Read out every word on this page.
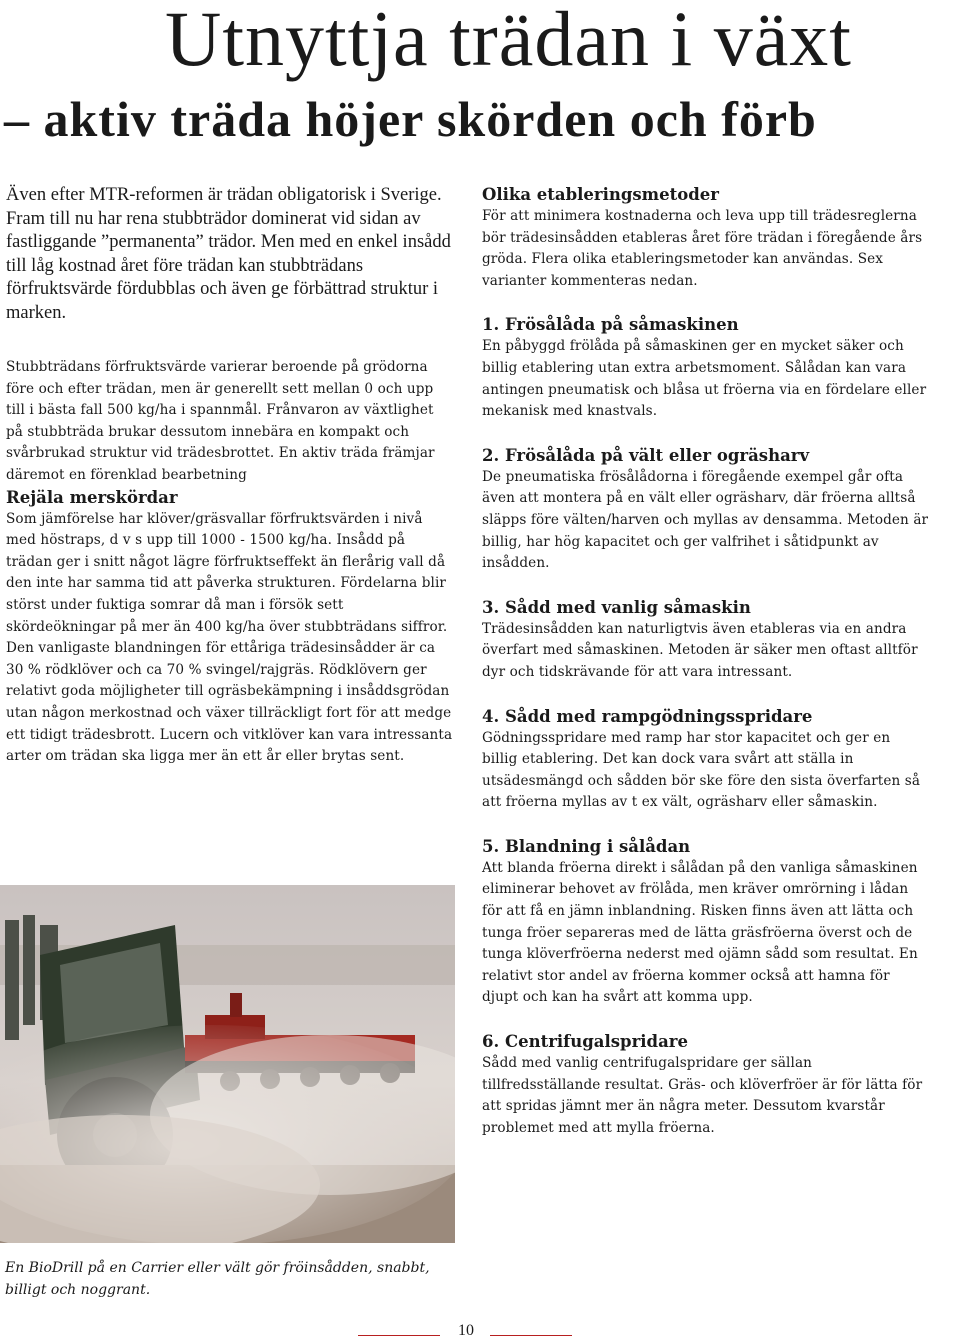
Utnyttja trädan i växt
– aktiv träda höjer skörden och förb

Även efter MTR-reformen är trädan obligatorisk i Sverige. Fram till nu har rena stubbträdor dominerat vid sidan av fastliggande ”permanenta” trädor. Men med en enkel insådd till låg kostnad året före trädan kan stubbträdans förfruktsvärde fördubblas och även ge förbättrad struktur i marken.

Stubbträdans förfruktsvärde varierar beroende på grödorna före och efter trädan, men är generellt sett mellan 0 och upp till i bästa fall 500 kg/ha i spannmål. Frånvaron av växtlighet på stubbträda brukar dessutom innebära en kompakt och svårbrukad struktur vid trädesbrottet. En aktiv träda främjar däremot en förenklad bearbetning

Rejäla merskördar

Som jämförelse har klöver/gräsvallar förfruktsvärden i nivå med höstraps, d v s upp till 1000 - 1500 kg/ha. Insådd på trädan ger i snitt något lägre förfruktseffekt än flerårig vall då den inte har samma tid att påverka strukturen. Fördelarna blir störst under fuktiga somrar då man i försök sett skördeökningar på mer än 400 kg/ha över stubbträdans siffror. Den vanligaste blandningen för ettåriga trädesinsådder är ca 30 % rödklöver och ca 70 % svingel/rajgräs. Rödklövern ger relativt goda möjligheter till ogräsbekämpning i insåddsgrödan utan någon merkostnad och växer tillräckligt fort för att medge ett tidigt trädesbrott. Lucern och vitklöver kan vara intressanta arter om trädan ska ligga mer än ett år eller brytas sent.

Olika etableringsmetoder

För att minimera kostnaderna och leva upp till trädesreglerna bör trädesinsådden etableras året före trädan i föregående års gröda. Flera olika etableringsmetoder kan användas. Sex varianter kommenteras nedan.

1. Frösålåda på såmaskinen

En påbyggd frölåda på såmaskinen ger en mycket säker och billig etablering utan extra arbetsmoment. Sålådan kan vara antingen pneumatisk och blåsa ut fröerna via en fördelare eller mekanisk med knastvals.

2. Frösålåda på vält eller ogräsharv

De pneumatiska frösålådorna i föregående exempel går ofta även att montera på en vält eller ogräsharv, där fröerna alltså släpps före välten/harven och myllas av densamma. Metoden är billig, har hög kapacitet och ger valfrihet i såtidpunkt av insådden.

3. Sådd med vanlig såmaskin

Trädesinsådden kan naturligtvis även etableras via en andra överfart med såmaskinen. Metoden är säker men oftast alltför dyr och tidskrävande för att vara intressant.

4. Sådd med rampgödningsspridare

Gödningsspridare med ramp har stor kapacitet och ger en billig etablering. Det kan dock vara svårt att ställa in utsädesmängd och sådden bör ske före den sista överfarten så att fröerna myllas av t ex vält, ogräsharv eller såmaskin.

5. Blandning i sålådan

Att blanda fröerna direkt i sålådan på den vanliga såmaskinen eliminerar behovet av frölåda, men kräver omrörning i lådan för att få en jämn inblandning. Risken finns även att lätta och tunga fröer separeras med de lätta gräsfröerna överst och de tunga klöverfröerna nederst med ojämn sådd som resultat. En relativt stor andel av fröerna kommer också att hamna för djupt och kan ha svårt att komma upp.

6. Centrifugalspridare

Sådd med vanlig centrifugalspridare ger sällan tillfredsställande resultat. Gräs- och klöverfröer är för lätta för att spridas jämnt mer än några meter. Dessutom kvarstår problemet med att mylla fröerna.

En BioDrill på en Carrier eller vält gör fröinsådden, snabbt, billigt och noggrant.

10
